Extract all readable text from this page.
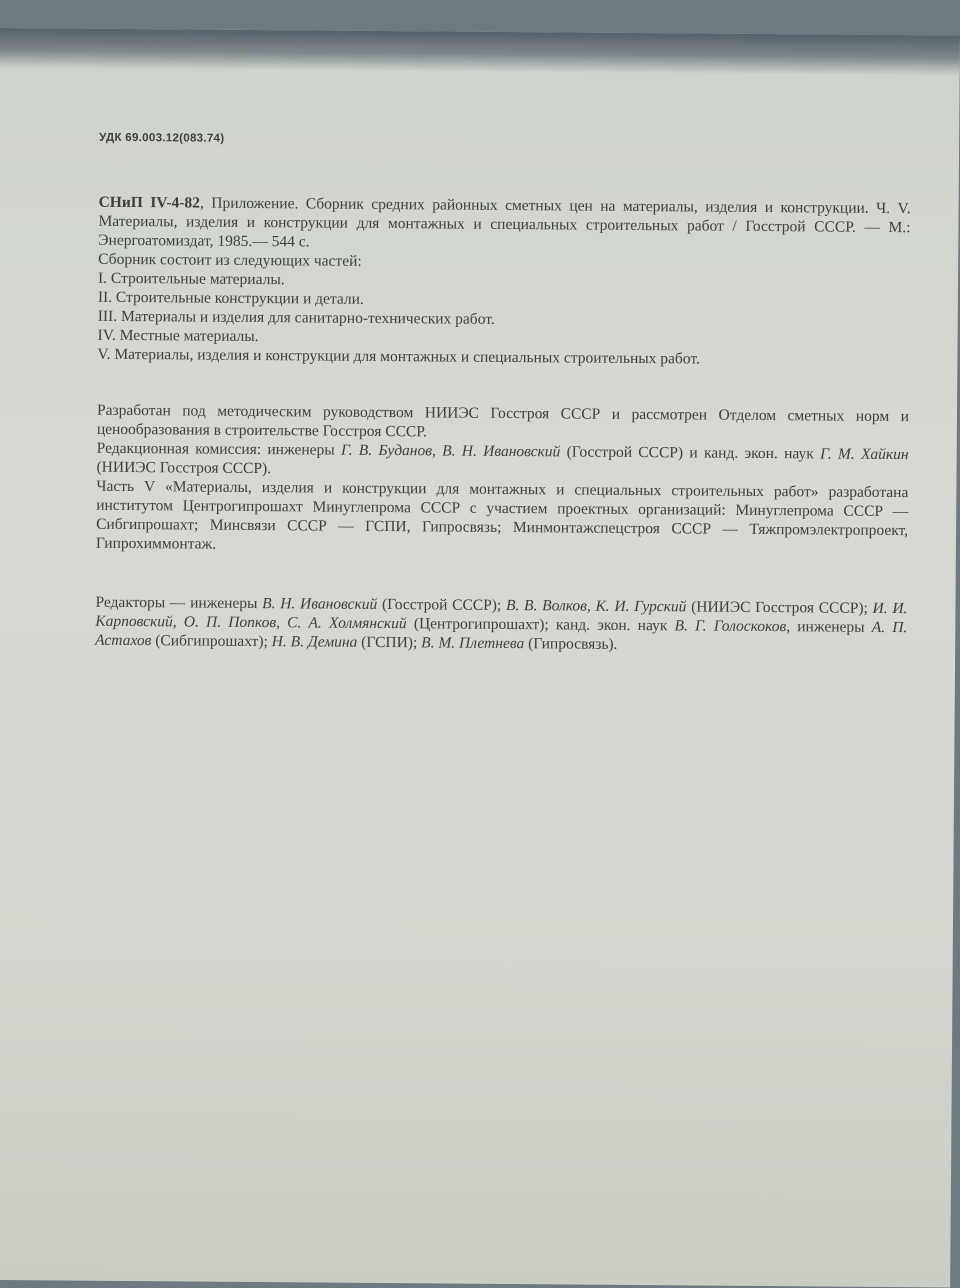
УДК 69.003.12(083.74)

СНиП IV-4-82, Приложение. Сборник средних районных сметных цен на материалы, изделия и конструкции. Ч. V. Материалы, изделия и конструкции для монтажных и специальных строительных работ / Госстрой СССР. — М.: Энергоатомиздат, 1985.— 544 с.

Сборник состоит из следующих частей:

I. Строительные материалы.

II. Строительные конструкции и детали.

III. Материалы и изделия для санитарно-технических работ.

IV. Местные материалы.

V. Материалы, изделия и конструкции для монтажных и специальных строительных работ.

Разработан под методическим руководством НИИЭС Госстроя СССР и рассмотрен Отделом сметных норм и ценообразования в строительстве Госстроя СССР.

Редакционная комиссия: инженеры Г. В. Буданов, В. Н. Ивановский (Госстрой СССР) и канд. экон. наук Г. М. Хайкин (НИИЭС Госстроя СССР).

Часть V «Материалы, изделия и конструкции для монтажных и специальных строительных работ» разработана институтом Центрогипрошахт Минуглепрома СССР с участием проектных организаций: Минуглепрома СССР — Сибгипрошахт; Минсвязи СССР — ГСПИ, Гипросвязь; Минмонтажспецстроя СССР — Тяжпромэлектропроект, Гипрохиммонтаж.

Редакторы — инженеры В. Н. Ивановский (Госстрой СССР); В. В. Волков, К. И. Гурский (НИИЭС Госстроя СССР); И. И. Карповский, О. П. Попков, С. А. Холмянский (Центрогипрошахт); канд. экон. наук В. Г. Голоскоков, инженеры А. П. Астахов (Сибгипрошахт); Н. В. Демина (ГСПИ); В. М. Плетнева (Гипросвязь).
